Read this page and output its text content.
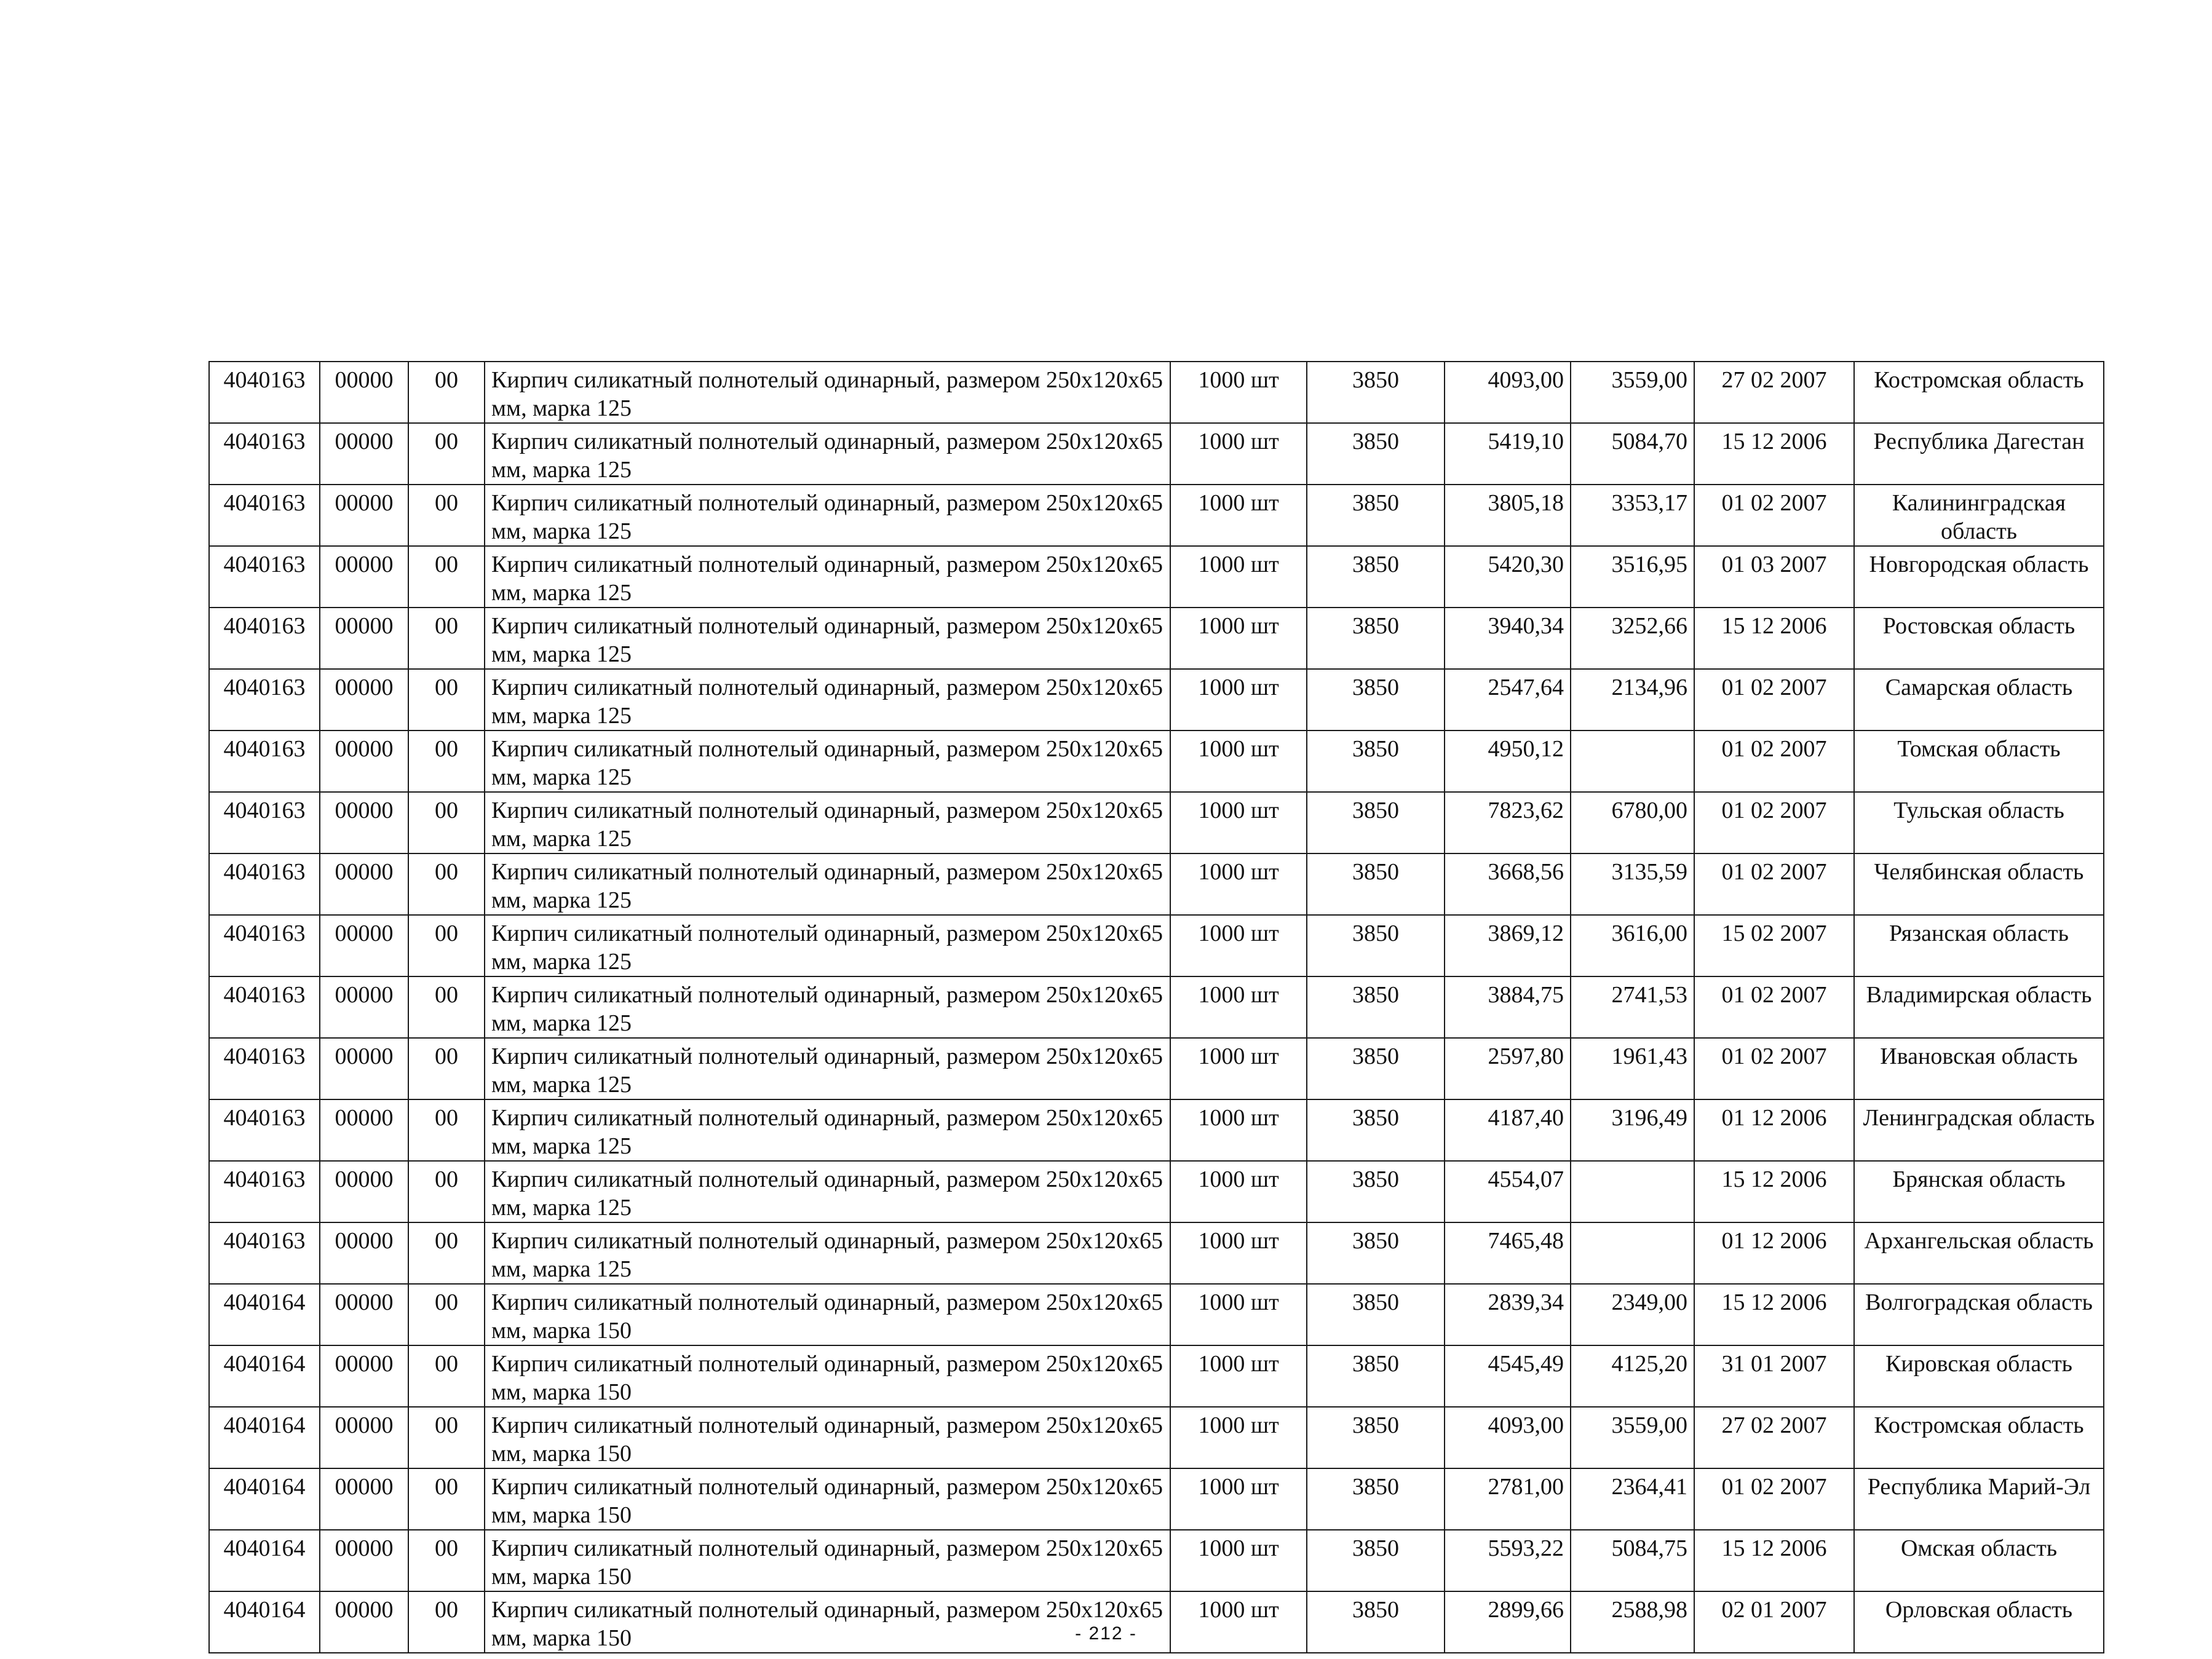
4040163	00000	00	Кирпич силикатный полнотелый одинарный, размером 250х120х65 мм, марка 125	1000 шт	3850	4093,00	3559,00	27 02 2007	Костромская область
4040163	00000	00	Кирпич силикатный полнотелый одинарный, размером 250х120х65 мм, марка 125	1000 шт	3850	5419,10	5084,70	15 12 2006	Республика Дагестан
4040163	00000	00	Кирпич силикатный полнотелый одинарный, размером 250х120х65 мм, марка 125	1000 шт	3850	3805,18	3353,17	01 02 2007	Калининградская область
4040163	00000	00	Кирпич силикатный полнотелый одинарный, размером 250х120х65 мм, марка 125	1000 шт	3850	5420,30	3516,95	01 03 2007	Новгородская область
4040163	00000	00	Кирпич силикатный полнотелый одинарный, размером 250х120х65 мм, марка 125	1000 шт	3850	3940,34	3252,66	15 12 2006	Ростовская область
4040163	00000	00	Кирпич силикатный полнотелый одинарный, размером 250х120х65 мм, марка 125	1000 шт	3850	2547,64	2134,96	01 02 2007	Самарская область
4040163	00000	00	Кирпич силикатный полнотелый одинарный, размером 250х120х65 мм, марка 125	1000 шт	3850	4950,12		01 02 2007	Томская область
4040163	00000	00	Кирпич силикатный полнотелый одинарный, размером 250х120х65 мм, марка 125	1000 шт	3850	7823,62	6780,00	01 02 2007	Тульская область
4040163	00000	00	Кирпич силикатный полнотелый одинарный, размером 250х120х65 мм, марка 125	1000 шт	3850	3668,56	3135,59	01 02 2007	Челябинская область
4040163	00000	00	Кирпич силикатный полнотелый одинарный, размером 250х120х65 мм, марка 125	1000 шт	3850	3869,12	3616,00	15 02 2007	Рязанская область
4040163	00000	00	Кирпич силикатный полнотелый одинарный, размером 250х120х65 мм, марка 125	1000 шт	3850	3884,75	2741,53	01 02 2007	Владимирская область
4040163	00000	00	Кирпич силикатный полнотелый одинарный, размером 250х120х65 мм, марка 125	1000 шт	3850	2597,80	1961,43	01 02 2007	Ивановская область
4040163	00000	00	Кирпич силикатный полнотелый одинарный, размером 250х120х65 мм, марка 125	1000 шт	3850	4187,40	3196,49	01 12 2006	Ленинградская область
4040163	00000	00	Кирпич силикатный полнотелый одинарный, размером 250х120х65 мм, марка 125	1000 шт	3850	4554,07		15 12 2006	Брянская область
4040163	00000	00	Кирпич силикатный полнотелый одинарный, размером 250х120х65 мм, марка 125	1000 шт	3850	7465,48		01 12 2006	Архангельская область
4040164	00000	00	Кирпич силикатный полнотелый одинарный, размером 250х120х65 мм, марка 150	1000 шт	3850	2839,34	2349,00	15 12 2006	Волгоградская область
4040164	00000	00	Кирпич силикатный полнотелый одинарный, размером 250х120х65 мм, марка 150	1000 шт	3850	4545,49	4125,20	31 01 2007	Кировская область
4040164	00000	00	Кирпич силикатный полнотелый одинарный, размером 250х120х65 мм, марка 150	1000 шт	3850	4093,00	3559,00	27 02 2007	Костромская область
4040164	00000	00	Кирпич силикатный полнотелый одинарный, размером 250х120х65 мм, марка 150	1000 шт	3850	2781,00	2364,41	01 02 2007	Республика Марий-Эл
4040164	00000	00	Кирпич силикатный полнотелый одинарный, размером 250х120х65 мм, марка 150	1000 шт	3850	5593,22	5084,75	15 12 2006	Омская область
4040164	00000	00	Кирпич силикатный полнотелый одинарный, размером 250х120х65 мм, марка 150	1000 шт	3850	2899,66	2588,98	02 01 2007	Орловская область
- 212 -
